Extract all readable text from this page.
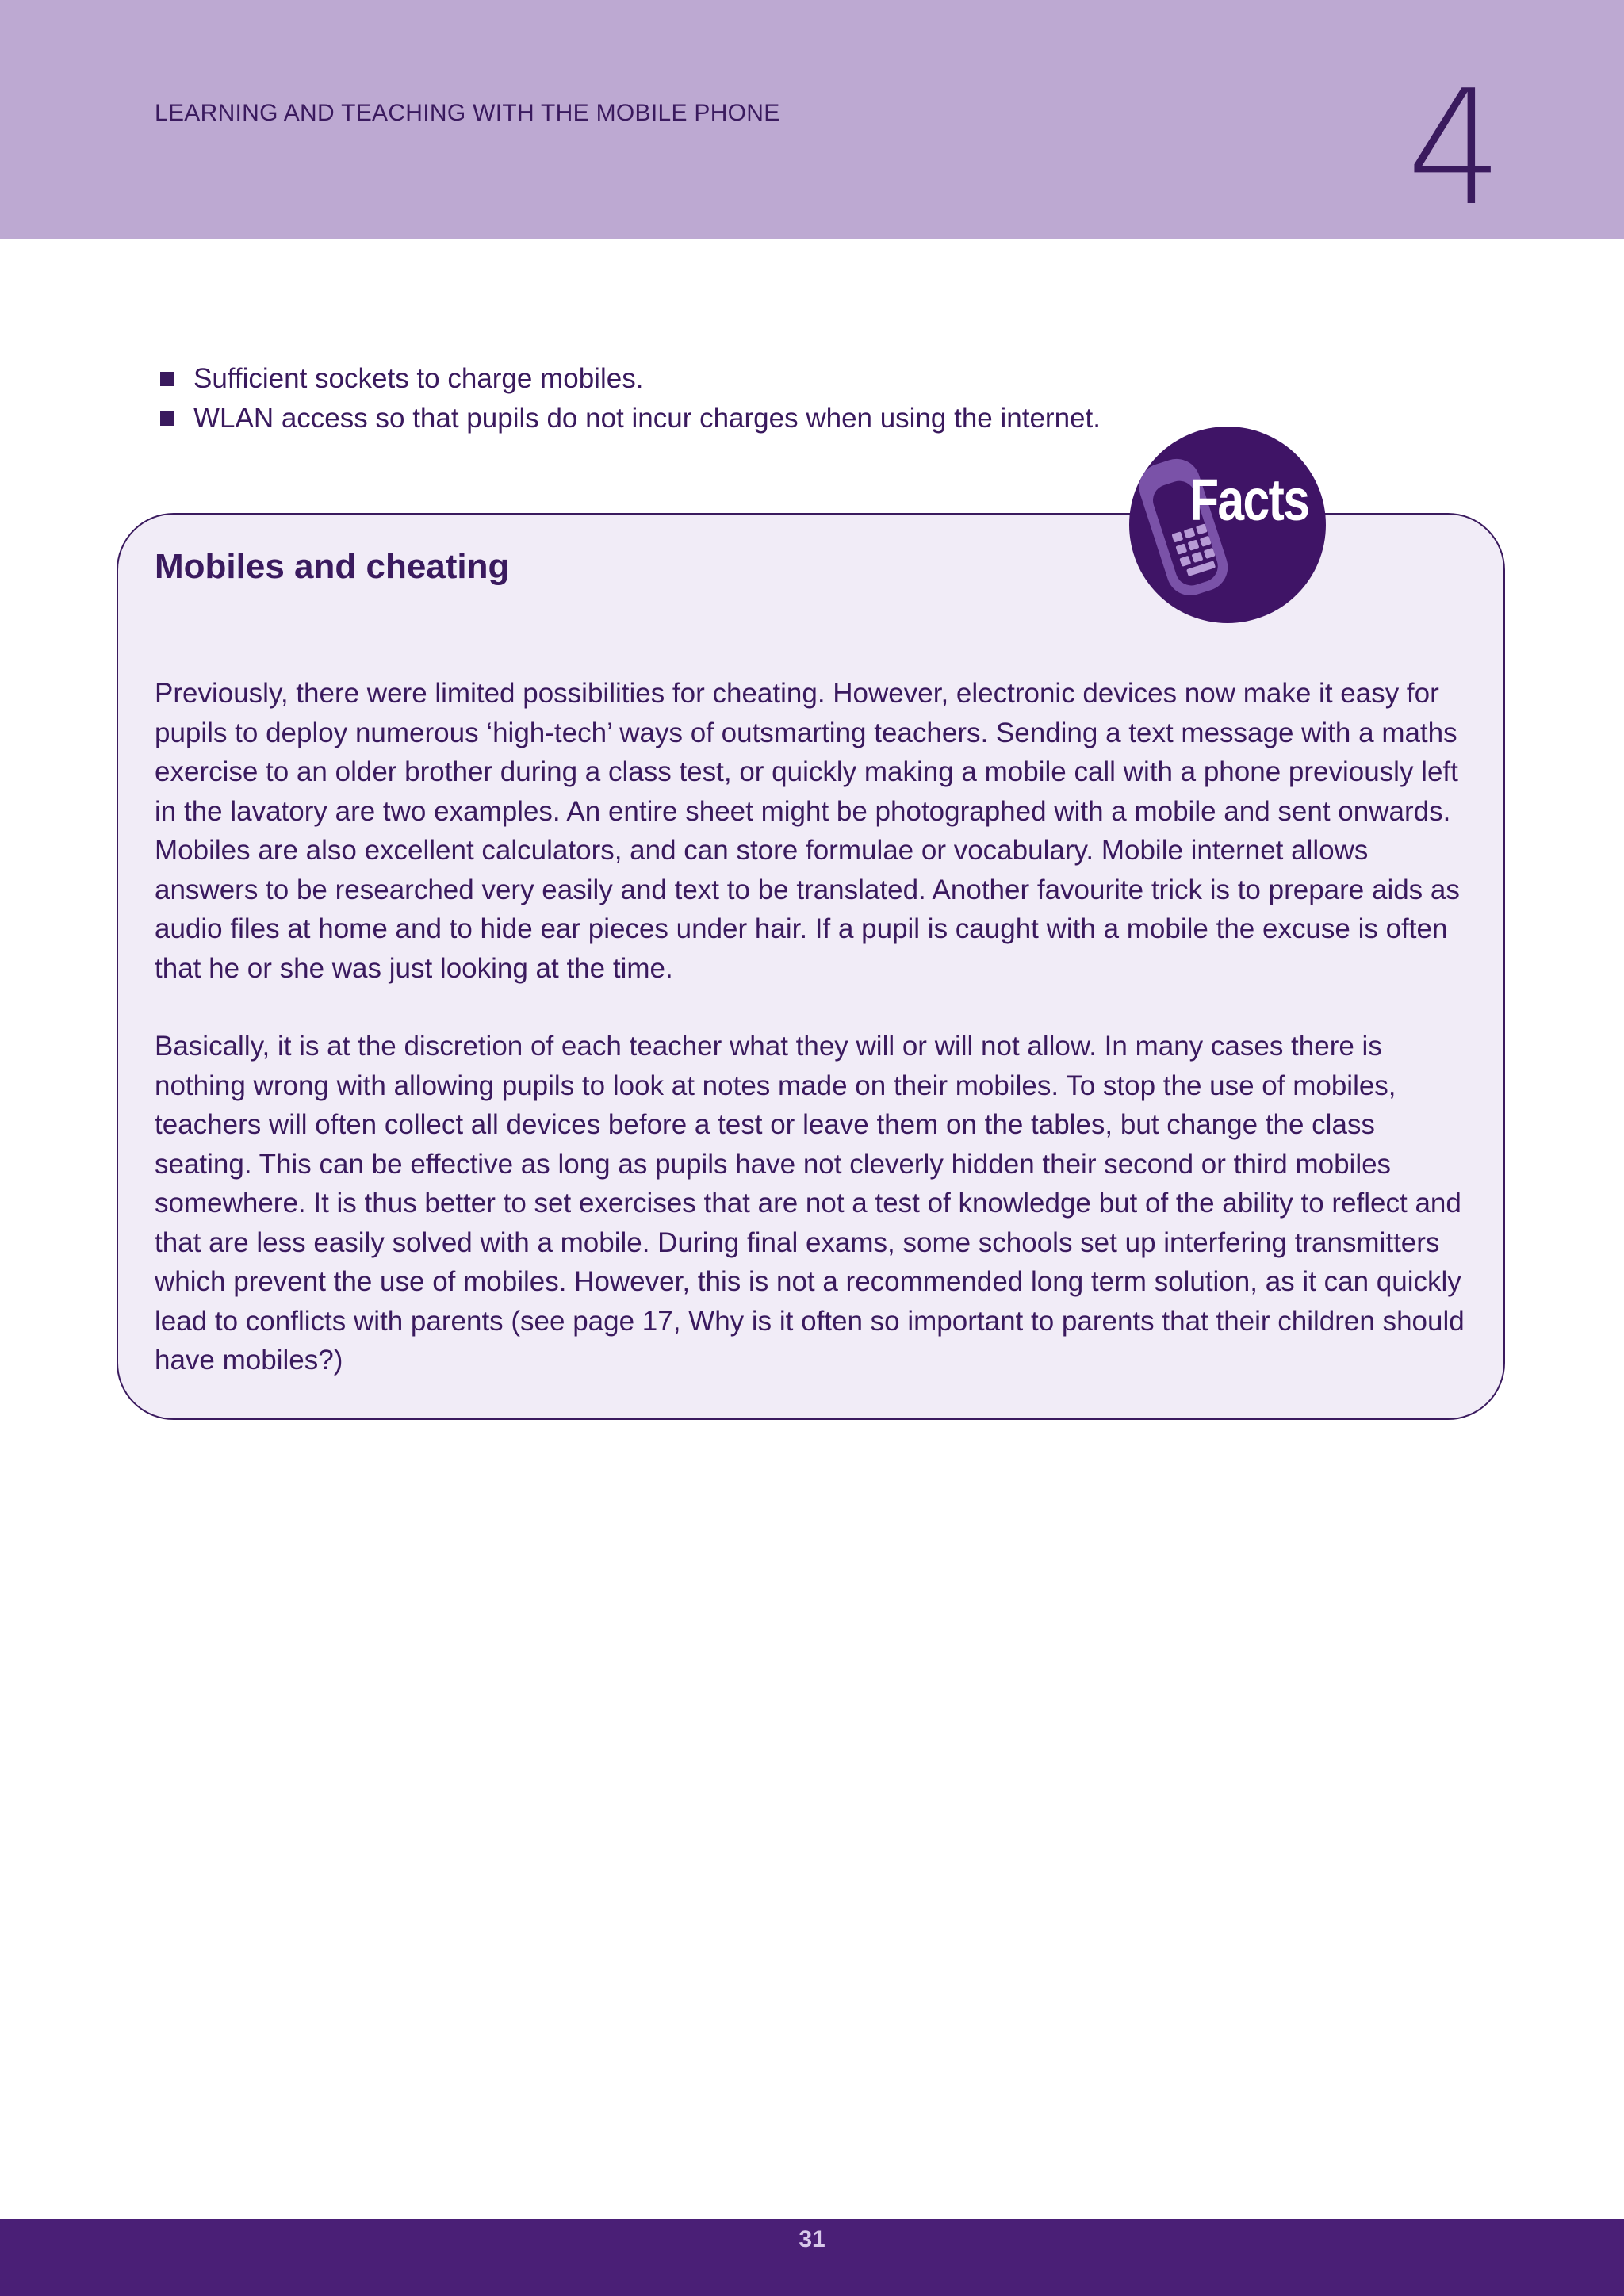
LEARNING AND TEACHING WITH THE MOBILE PHONE	4
Sufficient sockets to charge mobiles.
WLAN access so that pupils do not incur charges when using the internet.
Mobiles and cheating

Previously, there were limited possibilities for cheating. However, electronic devices now make it easy for pupils to deploy numerous ‘high-tech’ ways of outsmarting teachers. Sending a text message with a maths exercise to an older brother during a class test, or quickly making a mobile call with a phone previously left in the lavatory are two examples. An entire sheet might be photographed with a mobile and sent onwards. Mobiles are also excellent calculators, and can store formulae or vocabulary. Mobile internet allows answers to be researched very easily and text to be translated. Another favourite trick is to prepare aids as audio files at home and to hide ear pieces under hair. If a pupil is caught with a mobile the excuse is often that he or she was just looking at the time.

Basically, it is at the discretion of each teacher what they will or will not allow. In many cases there is nothing wrong with allowing pupils to look at notes made on their mobiles. To stop the use of mobiles, teachers will often collect all devices before a test or leave them on the tables, but change the class seating. This can be effective as long as pupils have not cleverly hidden their second or third mobiles somewhere. It is thus better to set exercises that are not a test of knowledge but of the ability to reflect and that are less easily solved with a mobile. During final exams, some schools set up interfering transmitters which prevent the use of mobiles. However, this is not a recommended long term solution, as it can quickly lead to conflicts with parents (see page 17, Why is it often so important to parents that their children should have mobiles?)

Facts
31
